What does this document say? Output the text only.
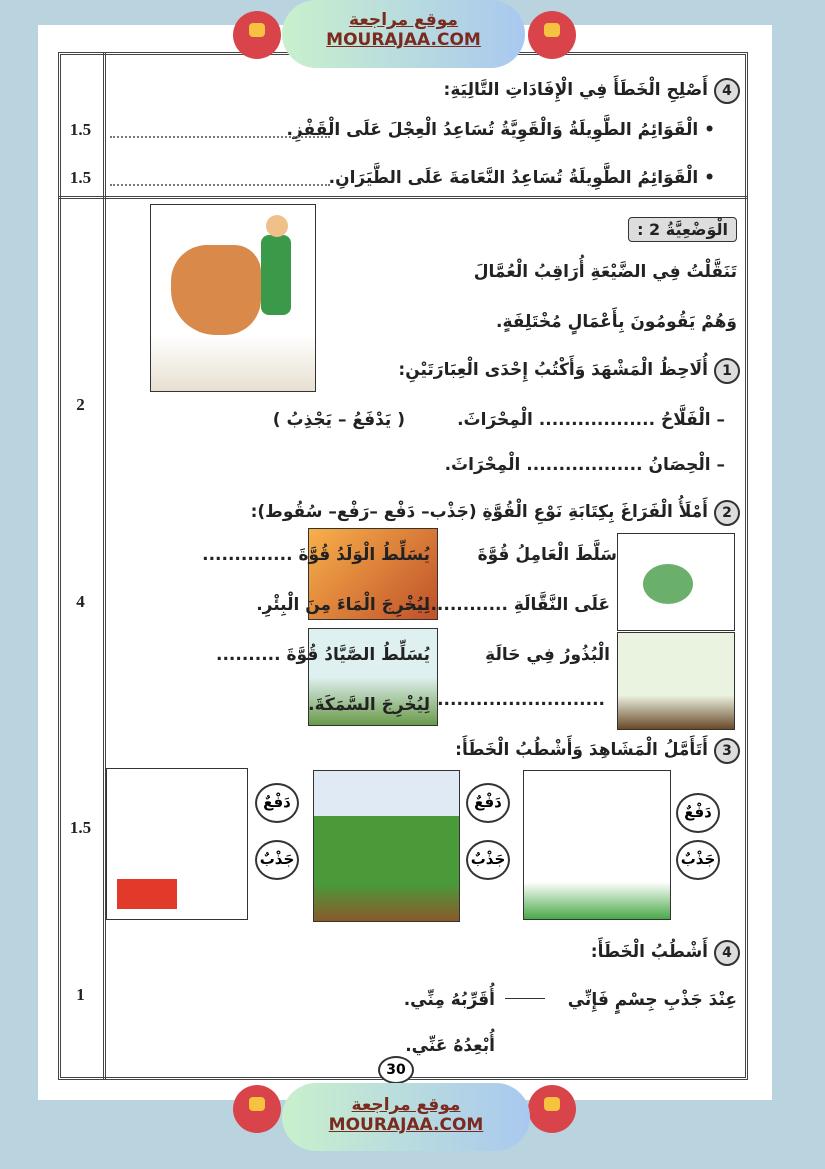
موقع مراجعة
MOURAJAA.COM
4أَصْلِحِ الْخَطَأَ فِي الْإِفَادَاتِ التَّالِيَةِ:
• الْقَوَائِمُ الطَّوِيلَةُ وَالْقَوِيَّةُ تُسَاعِدُ الْعِجْلَ عَلَى الْقَفْزِ.
1.5
• الْقَوَائِمُ الطَّوِيلَةُ تُسَاعِدُ النَّعَامَةَ عَلَى الطَّيَرَانِ.
1.5
الْوَضْعِيَّةُ 2 :
تَنَقَّلْتُ فِي الضَّيْعَةِ أُرَاقِبُ الْعُمَّالَ
وَهُمْ يَقُومُونَ بِأَعْمَالٍ مُخْتَلِفَةٍ.
1أُلَاحِظُ الْمَشْهَدَ وَأَكْتُبُ إِحْدَى الْعِبَارَتَيْنِ:
( يَدْفَعُ – يَجْذِبُ )	– الْفَلَّاحُ .................. الْمِحْرَاثَ.
– الْحِصَانُ .................. الْمِحْرَاثَ.
2
2أَمْلَأُ الْفَرَاغَ بِكِتَابَةِ نَوْعِ الْقُوَّةِ (جَذْب– دَفْع –رَفْع– سُقُوط):
سَلَّطَ الْعَامِلُ قُوَّةَ
عَلَى النَّقَّالَةِ .................
يُسَلِّطُ الْوَلَدُ قُوَّةَ ..............
لِيُخْرِجَ الْمَاءَ مِنَ الْبِئْرِ.
الْبُذُورُ فِي حَالَةِ
..........................
يُسَلِّطُ الصَّيَّادُ قُوَّةَ ..........
لِيُخْرِجَ السَّمَكَةَ.
4
3أَتَأَمَّلُ الْمَشَاهِدَ وَأَشْطُبُ الْخَطَأَ:
دَفْعٌ
جَذْبٌ
دَفْعٌ
جَذْبٌ
دَفْعٌ
جَذْبٌ
1.5
4أَشْطُبُ الْخَطَأَ:
عِنْدَ جَذْبِ جِسْمٍ فَإِنِّي
أُقَرِّبُهُ مِنِّي.
أُبْعِدُهُ عَنِّي.
1
30
موقع مراجعة
MOURAJAA.COM
